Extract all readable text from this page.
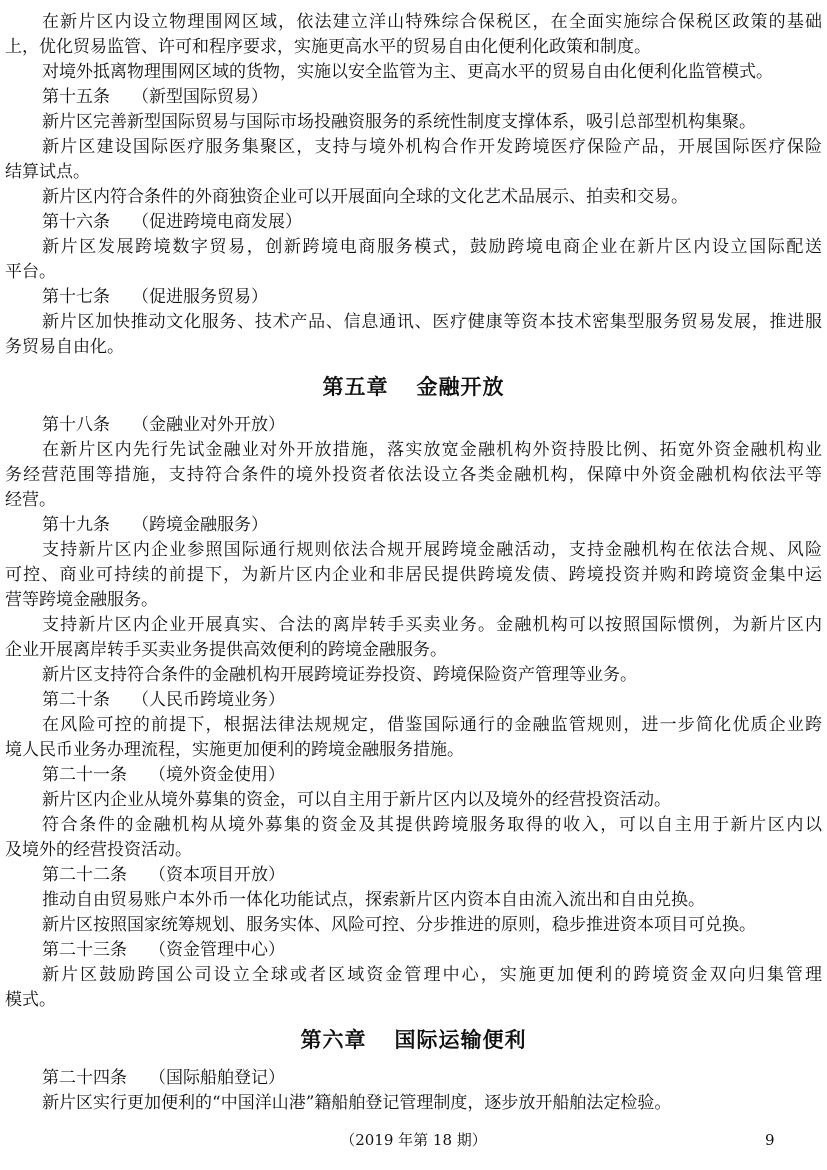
在新片区内设立物理围网区域，依法建立洋山特殊综合保税区，在全面实施综合保税区政策的基础
上，优化贸易监管、许可和程序要求，实施更高水平的贸易自由化便利化政策和制度。
对境外抵离物理围网区域的货物，实施以安全监管为主、更高水平的贸易自由化便利化监管模式。
第十五条 （新型国际贸易）
新片区完善新型国际贸易与国际市场投融资服务的系统性制度支撑体系，吸引总部型机构集聚。
新片区建设国际医疗服务集聚区，支持与境外机构合作开发跨境医疗保险产品，开展国际医疗保险
结算试点。
新片区内符合条件的外商独资企业可以开展面向全球的文化艺术品展示、拍卖和交易。
第十六条 （促进跨境电商发展）
新片区发展跨境数字贸易，创新跨境电商服务模式，鼓励跨境电商企业在新片区内设立国际配送
平台。
第十七条 （促进服务贸易）
新片区加快推动文化服务、技术产品、信息通讯、医疗健康等资本技术密集型服务贸易发展，推进服
务贸易自由化。
第五章 金融开放
第十八条 （金融业对外开放）
在新片区内先行先试金融业对外开放措施，落实放宽金融机构外资持股比例、拓宽外资金融机构业
务经营范围等措施，支持符合条件的境外投资者依法设立各类金融机构，保障中外资金融机构依法平等
经营。
第十九条 （跨境金融服务）
支持新片区内企业参照国际通行规则依法合规开展跨境金融活动，支持金融机构在依法合规、风险
可控、商业可持续的前提下，为新片区内企业和非居民提供跨境发债、跨境投资并购和跨境资金集中运
营等跨境金融服务。
支持新片区内企业开展真实、合法的离岸转手买卖业务。金融机构可以按照国际惯例，为新片区内
企业开展离岸转手买卖业务提供高效便利的跨境金融服务。
新片区支持符合条件的金融机构开展跨境证券投资、跨境保险资产管理等业务。
第二十条 （人民币跨境业务）
在风险可控的前提下，根据法律法规规定，借鉴国际通行的金融监管规则，进一步简化优质企业跨
境人民币业务办理流程，实施更加便利的跨境金融服务措施。
第二十一条 （境外资金使用）
新片区内企业从境外募集的资金，可以自主用于新片区内以及境外的经营投资活动。
符合条件的金融机构从境外募集的资金及其提供跨境服务取得的收入，可以自主用于新片区内以
及境外的经营投资活动。
第二十二条 （资本项目开放）
推动自由贸易账户本外币一体化功能试点，探索新片区内资本自由流入流出和自由兑换。
新片区按照国家统筹规划、服务实体、风险可控、分步推进的原则，稳步推进资本项目可兑换。
第二十三条 （资金管理中心）
新片区鼓励跨国公司设立全球或者区域资金管理中心，实施更加便利的跨境资金双向归集管理
模式。
第六章 国际运输便利
第二十四条 （国际船舶登记）
新片区实行更加便利的“中国洋山港”籍船舶登记管理制度，逐步放开船舶法定检验。
（2019 年第 18 期）	9
